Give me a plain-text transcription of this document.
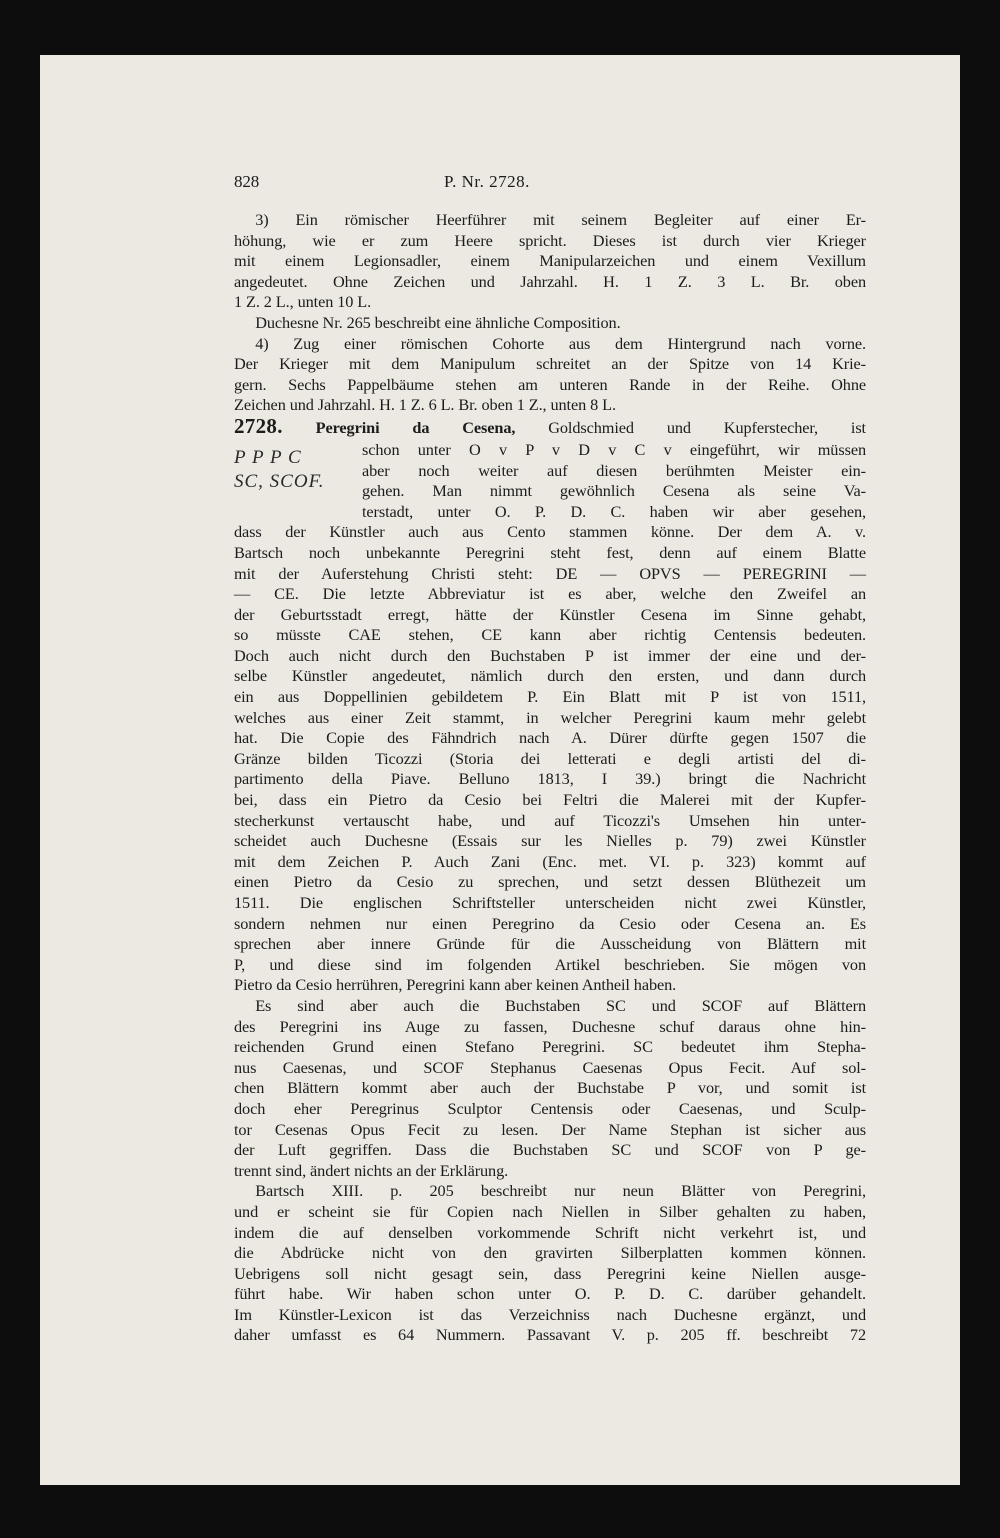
828	P. Nr. 2728.

3) Ein römischer Heerführer mit seinem Begleiter auf einer Er-

höhung, wie er zum Heere spricht. Dieses ist durch vier Krieger

mit einem Legionsadler, einem Manipularzeichen und einem Vexillum

angedeutet. Ohne Zeichen und Jahrzahl. H. 1 Z. 3 L. Br. oben

1 Z. 2 L., unten 10 L.

Duchesne Nr. 265 beschreibt eine ähnliche Composition.

4) Zug einer römischen Cohorte aus dem Hintergrund nach vorne.

Der Krieger mit dem Manipulum schreitet an der Spitze von 14 Krie-

gern. Sechs Pappelbäume stehen am unteren Rande in der Reihe. Ohne

Zeichen und Jahrzahl. H. 1 Z. 6 L. Br. oben 1 Z., unten 8 L.

2728. Peregrini da Cesena, Goldschmied und Kupferstecher, ist

P P P C
SC, SCOF.

schon unter O v P v D v C v eingeführt, wir müssen

aber noch weiter auf diesen berühmten Meister ein-

gehen. Man nimmt gewöhnlich Cesena als seine Va-

terstadt, unter O. P. D. C. haben wir aber gesehen,

dass der Künstler auch aus Cento stammen könne. Der dem A. v.

Bartsch noch unbekannte Peregrini steht fest, denn auf einem Blatte

mit der Auferstehung Christi steht: DE — OPVS — PEREGRINI —

— CE. Die letzte Abbreviatur ist es aber, welche den Zweifel an

der Geburtsstadt erregt, hätte der Künstler Cesena im Sinne gehabt,

so müsste CAE stehen, CE kann aber richtig Centensis bedeuten.

Doch auch nicht durch den Buchstaben P ist immer der eine und der-

selbe Künstler angedeutet, nämlich durch den ersten, und dann durch

ein aus Doppellinien gebildetem P. Ein Blatt mit P ist von 1511,

welches aus einer Zeit stammt, in welcher Peregrini kaum mehr gelebt

hat. Die Copie des Fähndrich nach A. Dürer dürfte gegen 1507 die

Gränze bilden Ticozzi (Storia dei letterati e degli artisti del di-

partimento della Piave. Belluno 1813, I 39.) bringt die Nachricht

bei, dass ein Pietro da Cesio bei Feltri die Malerei mit der Kupfer-

stecherkunst vertauscht habe, und auf Ticozzi's Umsehen hin unter-

scheidet auch Duchesne (Essais sur les Nielles p. 79) zwei Künstler

mit dem Zeichen P. Auch Zani (Enc. met. VI. p. 323) kommt auf

einen Pietro da Cesio zu sprechen, und setzt dessen Blüthezeit um

1511. Die englischen Schriftsteller unterscheiden nicht zwei Künstler,

sondern nehmen nur einen Peregrino da Cesio oder Cesena an. Es

sprechen aber innere Gründe für die Ausscheidung von Blättern mit

P, und diese sind im folgenden Artikel beschrieben. Sie mögen von

Pietro da Cesio herrühren, Peregrini kann aber keinen Antheil haben.

Es sind aber auch die Buchstaben SC und SCOF auf Blättern

des Peregrini ins Auge zu fassen, Duchesne schuf daraus ohne hin-

reichenden Grund einen Stefano Peregrini. SC bedeutet ihm Stepha-

nus Caesenas, und SCOF Stephanus Caesenas Opus Fecit. Auf sol-

chen Blättern kommt aber auch der Buchstabe P vor, und somit ist

doch eher Peregrinus Sculptor Centensis oder Caesenas, und Sculp-

tor Cesenas Opus Fecit zu lesen. Der Name Stephan ist sicher aus

der Luft gegriffen. Dass die Buchstaben SC und SCOF von P ge-

trennt sind, ändert nichts an der Erklärung.

Bartsch XIII. p. 205 beschreibt nur neun Blätter von Peregrini,

und er scheint sie für Copien nach Niellen in Silber gehalten zu haben,

indem die auf denselben vorkommende Schrift nicht verkehrt ist, und

die Abdrücke nicht von den gravirten Silberplatten kommen können.

Uebrigens soll nicht gesagt sein, dass Peregrini keine Niellen ausge-

führt habe. Wir haben schon unter O. P. D. C. darüber gehandelt.

Im Künstler-Lexicon ist das Verzeichniss nach Duchesne ergänzt, und

daher umfasst es 64 Nummern. Passavant V. p. 205 ff. beschreibt 72
